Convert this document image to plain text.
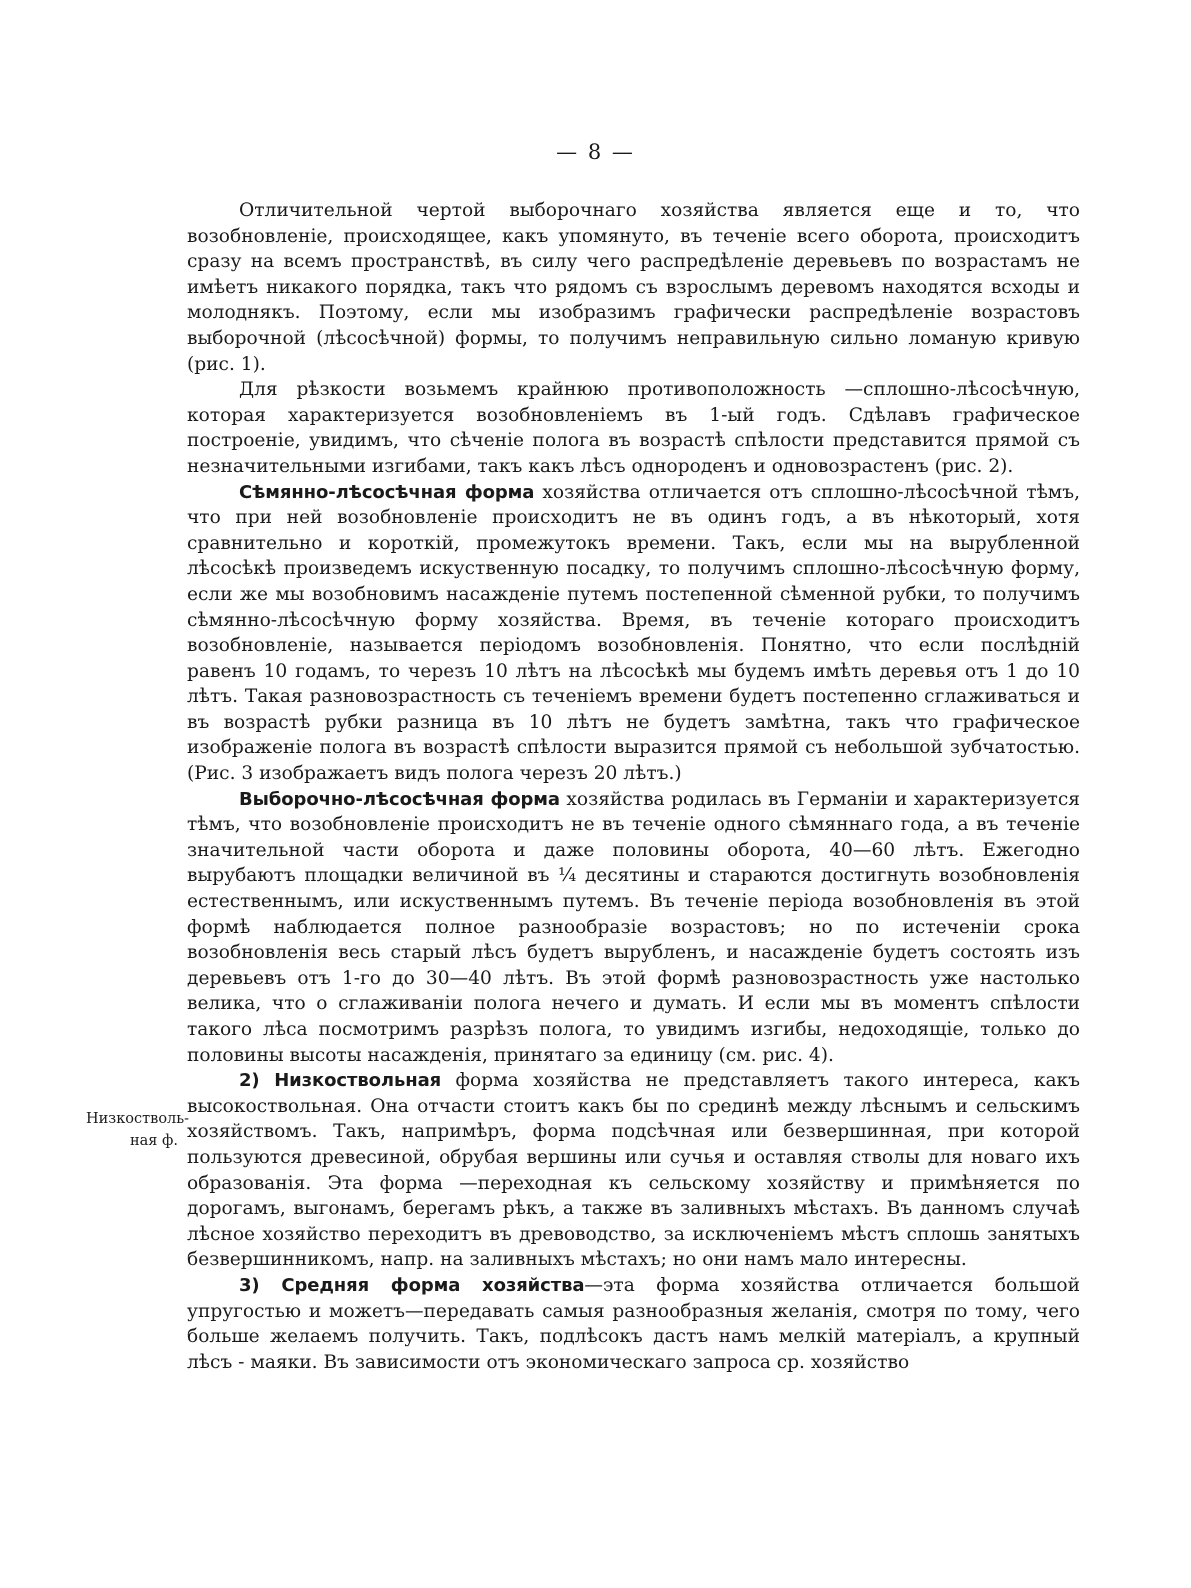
— 8 —
Низкостволь-
ная ф.

Отличительной чертой выборочнаго хозяйства является еще и то, что возобновленіе, происходящее, какъ упомянуто, въ теченіе всего оборота, происходитъ сразу на всемъ пространствѣ, въ силу чего распредѣленіе деревьевъ по возрастамъ не имѣетъ никакого порядка, такъ что рядомъ съ взрослымъ деревомъ находятся всходы и молоднякъ. Поэтому, если мы изобразимъ графически распредѣленіе возрастовъ выборочной (лѣсосѣчной) формы, то получимъ неправильную сильно ломаную кривую (рис. 1).

Для рѣзкости возьмемъ крайнюю противоположность —сплошно-лѣсосѣчную, которая характеризуется возобновленіемъ въ 1-ый годъ. Сдѣлавъ графическое построеніе, увидимъ, что сѣченіе полога въ возрастѣ спѣлости представится прямой съ незначительными изгибами, такъ какъ лѣсъ однороденъ и одновозрастенъ (рис. 2).

Сѣмянно-лѣсосѣчная форма хозяйства отличается отъ сплошно-лѣсосѣчной тѣмъ, что при ней возобновленіе происходитъ не въ одинъ годъ, а въ нѣкоторый, хотя сравнительно и короткій, промежутокъ времени. Такъ, если мы на вырубленной лѣсосѣкѣ произведемъ искуственную посадку, то получимъ сплошно-лѣсосѣчную форму, если же мы возобновимъ насажденіе путемъ постепенной сѣменной рубки, то получимъ сѣмянно-лѣсосѣчную форму хозяйства. Время, въ теченіе котораго происходитъ возобновленіе, называется періодомъ возобновленія. Понятно, что если послѣдній равенъ 10 годамъ, то черезъ 10 лѣтъ на лѣсосѣкѣ мы будемъ имѣть деревья отъ 1 до 10 лѣтъ. Такая разновозрастность съ теченіемъ времени будетъ постепенно сглаживаться и въ возрастѣ рубки разница въ 10 лѣтъ не будетъ замѣтна, такъ что графическое изображеніе полога въ возрастѣ спѣлости выразится прямой съ небольшой зубчатостью. (Рис. 3 изображаетъ видъ полога черезъ 20 лѣтъ.)

Выборочно-лѣсосѣчная форма хозяйства родилась въ Германіи и характеризуется тѣмъ, что возобновленіе происходитъ не въ теченіе одного сѣмяннаго года, а въ теченіе значительной части оборота и даже половины оборота, 40—60 лѣтъ. Ежегодно вырубаютъ площадки величиной въ ¼ десятины и стараются достигнуть возобновленія естественнымъ, или искуственнымъ путемъ. Въ теченіе періода возобновленія въ этой формѣ наблюдается полное разнообразіе возрастовъ; но по истеченіи срока возобновленія весь старый лѣсъ будетъ вырубленъ, и насажденіе будетъ состоять изъ деревьевъ отъ 1-го до 30—40 лѣтъ. Въ этой формѣ разновозрастность уже настолько велика, что о сглаживаніи полога нечего и думать. И если мы въ моментъ спѣлости такого лѣса посмотримъ разрѣзъ полога, то увидимъ изгибы, недоходящіе, только до половины высоты насажденія, принятаго за единицу (см. рис. 4).

2) Низкоствольная форма хозяйства не представляетъ такого интереса, какъ высокоствольная. Она отчасти стоитъ какъ бы по срединѣ между лѣснымъ и сельскимъ хозяйствомъ. Такъ, напримѣръ, форма подсѣчная или безвершинная, при которой пользуются древесиной, обрубая вершины или сучья и оставляя стволы для новаго ихъ образованія. Эта форма —переходная къ сельскому хозяйству и примѣняется по дорогамъ, выгонамъ, берегамъ рѣкъ, а также въ заливныхъ мѣстахъ. Въ данномъ случаѣ лѣсное хозяйство переходитъ въ древоводство, за исключеніемъ мѣстъ сплошь занятыхъ безвершинникомъ, напр. на заливныхъ мѣстахъ; но они намъ мало интересны.

3) Средняя форма хозяйства—эта форма хозяйства отличается большой упругостью и можетъ—передавать самыя разнообразныя желанія, смотря по тому, чего больше желаемъ получить. Такъ, подлѣсокъ дастъ намъ мелкій матеріалъ, а крупный лѣсъ - маяки. Въ зависимости отъ экономическаго запроса ср. хозяйство
